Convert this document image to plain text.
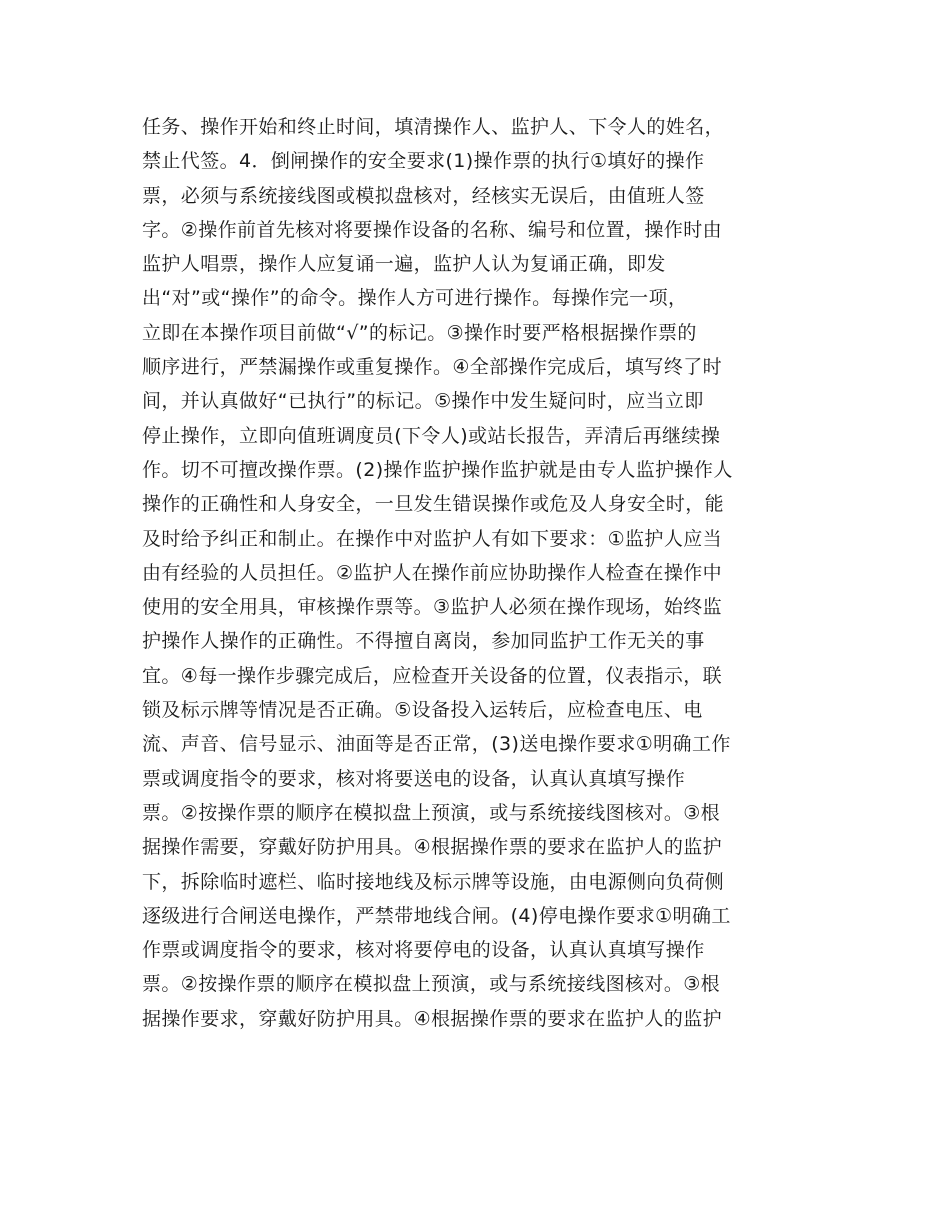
任务、操作开始和终止时间，填清操作人、监护人、下令人的姓名，
禁止代签。4．倒闸操作的安全要求(1)操作票的执行①填好的操作
票，必须与系统接线图或模拟盘核对，经核实无误后，由值班人签
字。②操作前首先核对将要操作设备的名称、编号和位置，操作时由
监护人唱票，操作人应复诵一遍，监护人认为复诵正确，即发
出“对”或“操作”的命令。操作人方可进行操作。每操作完一项，
立即在本操作项目前做“√”的标记。③操作时要严格根据操作票的
顺序进行，严禁漏操作或重复操作。④全部操作完成后，填写终了时
间，并认真做好“已执行”的标记。⑤操作中发生疑问时，应当立即
停止操作，立即向值班调度员(下令人)或站长报告，弄清后再继续操
作。切不可擅改操作票。(2)操作监护操作监护就是由专人监护操作人
操作的正确性和人身安全，一旦发生错误操作或危及人身安全时，能
及时给予纠正和制止。在操作中对监护人有如下要求：①监护人应当
由有经验的人员担任。②监护人在操作前应协助操作人检查在操作中
使用的安全用具，审核操作票等。③监护人必须在操作现场，始终监
护操作人操作的正确性。不得擅自离岗，参加同监护工作无关的事
宜。④每一操作步骤完成后，应检查开关设备的位置，仪表指示，联
锁及标示牌等情况是否正确。⑤设备投入运转后，应检查电压、电
流、声音、信号显示、油面等是否正常，(3)送电操作要求①明确工作
票或调度指令的要求，核对将要送电的设备，认真认真填写操作
票。②按操作票的顺序在模拟盘上预演，或与系统接线图核对。③根
据操作需要，穿戴好防护用具。④根据操作票的要求在监护人的监护
下，拆除临时遮栏、临时接地线及标示牌等设施，由电源侧向负荷侧
逐级进行合闸送电操作，严禁带地线合闸。(4)停电操作要求①明确工
作票或调度指令的要求，核对将要停电的设备，认真认真填写操作
票。②按操作票的顺序在模拟盘上预演，或与系统接线图核对。③根
据操作要求，穿戴好防护用具。④根据操作票的要求在监护人的监护
